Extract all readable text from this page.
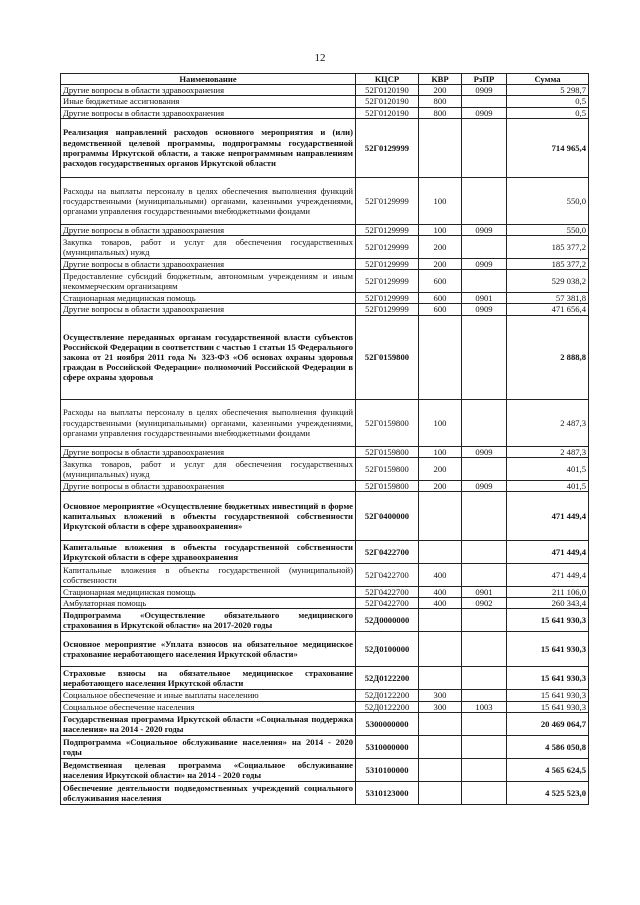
12
Наименование	КЦСР	КВР	РзПР	Сумма
Другие вопросы в области здравоохранения	52Г0120190	200	0909	5 298,7
Иные бюджетные ассигнования	52Г0120190	800		0,5
Другие вопросы в области здравоохранения	52Г0120190	800	0909	0,5
Реализация направлений расходов основного мероприятия и (или) ведомственной целевой программы, подпрограммы государственной программы Иркутской области, а также непрограммным направлениям расходов государственных органов Иркутской области	52Г0129999			714 965,4
Расходы на выплаты персоналу в целях обеспечения выполнения функций государственными (муниципальными) органами, казенными учреждениями, органами управления государственными внебюджетными фондами	52Г0129999	100		550,0
Другие вопросы в области здравоохранения	52Г0129999	100	0909	550,0
Закупка товаров, работ и услуг для обеспечения государственных (муниципальных) нужд	52Г0129999	200		185 377,2
Другие вопросы в области здравоохранения	52Г0129999	200	0909	185 377,2
Предоставление субсидий бюджетным, автономным учреждениям и иным некоммерческим организациям	52Г0129999	600		529 038,2
Стационарная медицинская помощь	52Г0129999	600	0901	57 381,8
Другие вопросы в области здравоохранения	52Г0129999	600	0909	471 656,4
Осуществление переданных органам государственной власти субъектов Российской Федерации в соответствии с частью 1 статьи 15 Федерального закона от 21 ноября 2011 года № 323-ФЗ «Об основах охраны здоровья граждан в Российской Федерации» полномочий Российской Федерации в сфере охраны здоровья	52Г0159800			2 888,8
Расходы на выплаты персоналу в целях обеспечения выполнения функций государственными (муниципальными) органами, казенными учреждениями, органами управления государственными внебюджетными фондами	52Г0159800	100		2 487,3
Другие вопросы в области здравоохранения	52Г0159800	100	0909	2 487,3
Закупка товаров, работ и услуг для обеспечения государственных (муниципальных) нужд	52Г0159800	200		401,5
Другие вопросы в области здравоохранения	52Г0159800	200	0909	401,5
Основное мероприятие «Осуществление бюджетных инвестиций в форме капитальных вложений в объекты государственной собственности Иркутской области в сфере здравоохранения»	52Г0400000			471 449,4
Капитальные вложения в объекты государственной собственности Иркутской области в сфере здравоохранения	52Г0422700			471 449,4
Капитальные вложения в объекты государственной (муниципальной) собственности	52Г0422700	400		471 449,4
Стационарная медицинская помощь	52Г0422700	400	0901	211 106,0
Амбулаторная помощь	52Г0422700	400	0902	260 343,4
Подпрограмма «Осуществление обязательного медицинского страхования в Иркутской области» на 2017-2020 годы	52Д0000000			15 641 930,3
Основное мероприятие «Уплата взносов на обязательное медицинское страхование неработающего населения Иркутской области»	52Д0100000			15 641 930,3
Страховые взносы на обязательное медицинское страхование неработающего населения Иркутской области	52Д0122200			15 641 930,3
Социальное обеспечение и иные выплаты населению	52Д0122200	300		15 641 930,3
Социальное обеспечение населения	52Д0122200	300	1003	15 641 930,3
Государственная программа Иркутской области «Социальная поддержка населения» на 2014 - 2020 годы	5300000000			20 469 064,7
Подпрограмма «Социальное обслуживание населения» на 2014 - 2020 годы	5310000000			4 586 050,8
Ведомственная целевая программа «Социальное обслуживание населения Иркутской области» на 2014 - 2020 годы	5310100000			4 565 624,5
Обеспечение деятельности подведомственных учреждений социального обслуживания населения	5310123000			4 525 523,0
